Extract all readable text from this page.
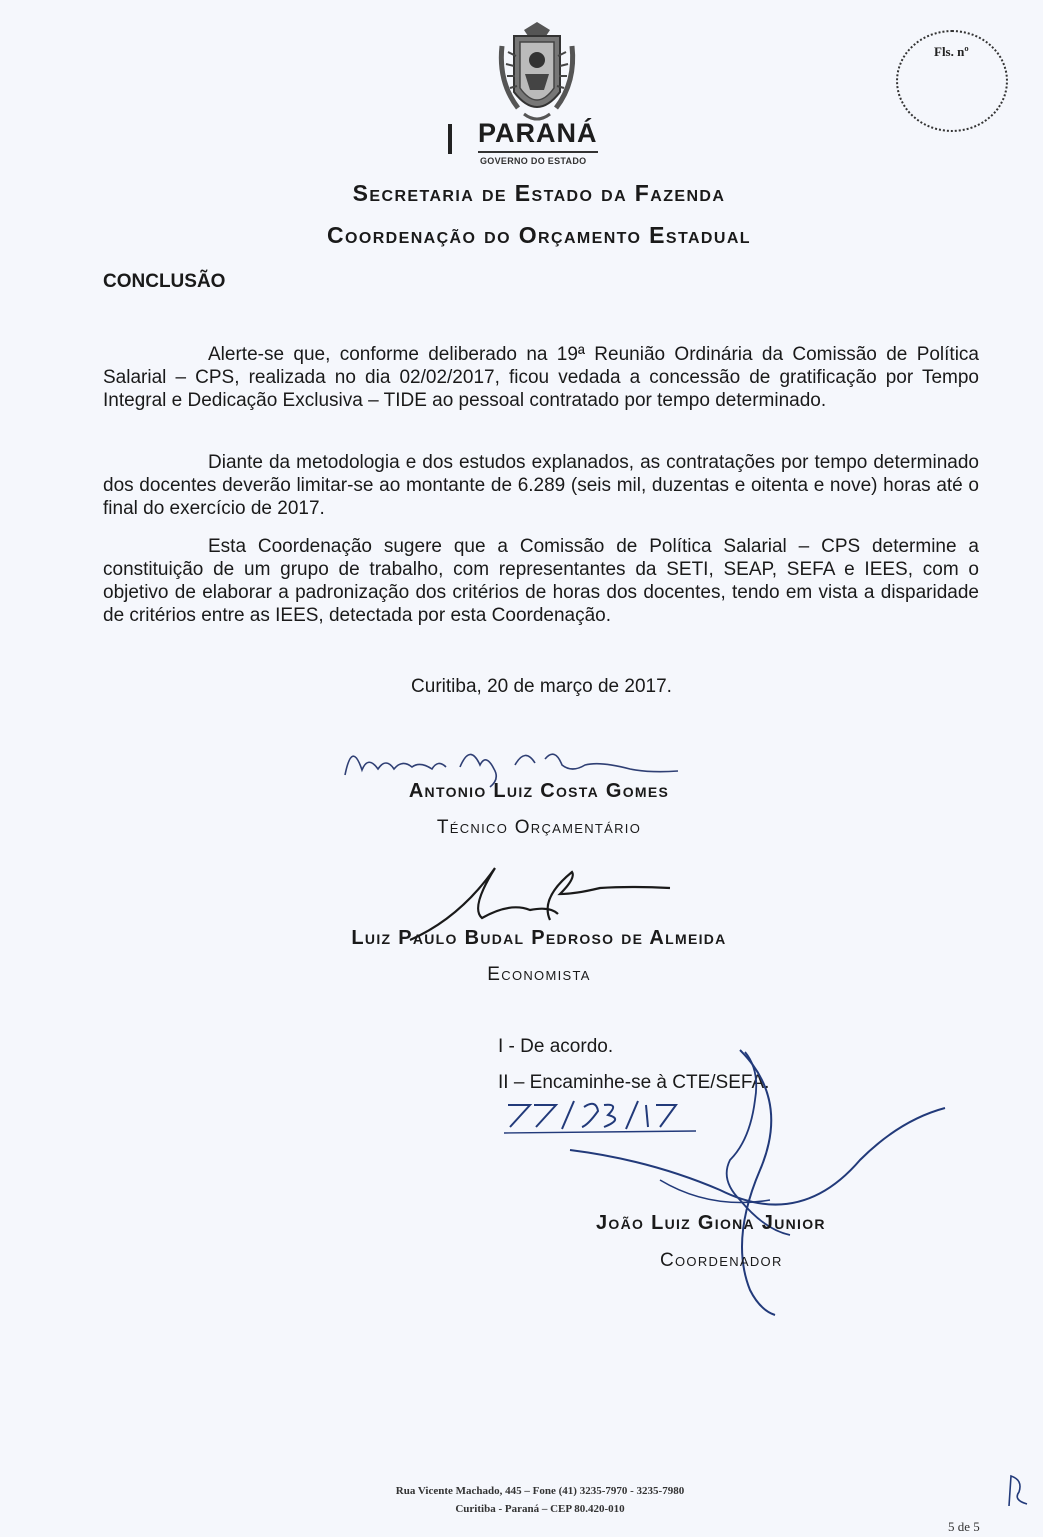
PARANÁ
GOVERNO DO ESTADO
Fls. nº
Secretaria de Estado da Fazenda
Coordenação do Orçamento Estadual
CONCLUSÃO

Alerte-se que, conforme deliberado na 19ª Reunião Ordinária da Comissão de Política Salarial – CPS, realizada no dia 02/02/2017, ficou vedada a concessão de gratificação por Tempo Integral e Dedicação Exclusiva – TIDE ao pessoal contratado por tempo determinado.

Diante da metodologia e dos estudos explanados, as contratações por tempo determinado dos docentes deverão limitar-se ao montante de 6.289 (seis mil, duzentas e oitenta e nove) horas até o final do exercício de 2017.

Esta Coordenação sugere que a Comissão de Política Salarial – CPS determine a constituição de um grupo de trabalho, com representantes da SETI, SEAP, SEFA e IEES, com o objetivo de elaborar a padronização dos critérios de horas dos docentes, tendo em vista a disparidade de critérios entre as IEES, detectada por esta Coordenação.

Curitiba, 20 de março de 2017.
Antonio Luiz Costa Gomes
Técnico Orçamentário
Luiz Paulo Budal Pedroso de Almeida
Economista
I - De acordo.
II – Encaminhe-se à CTE/SEFA.
João Luiz Giona Junior
Coordenador
Rua Vicente Machado, 445 – Fone (41) 3235-7970 - 3235-7980
Curitiba - Paraná – CEP 80.420-010
5 de 5
